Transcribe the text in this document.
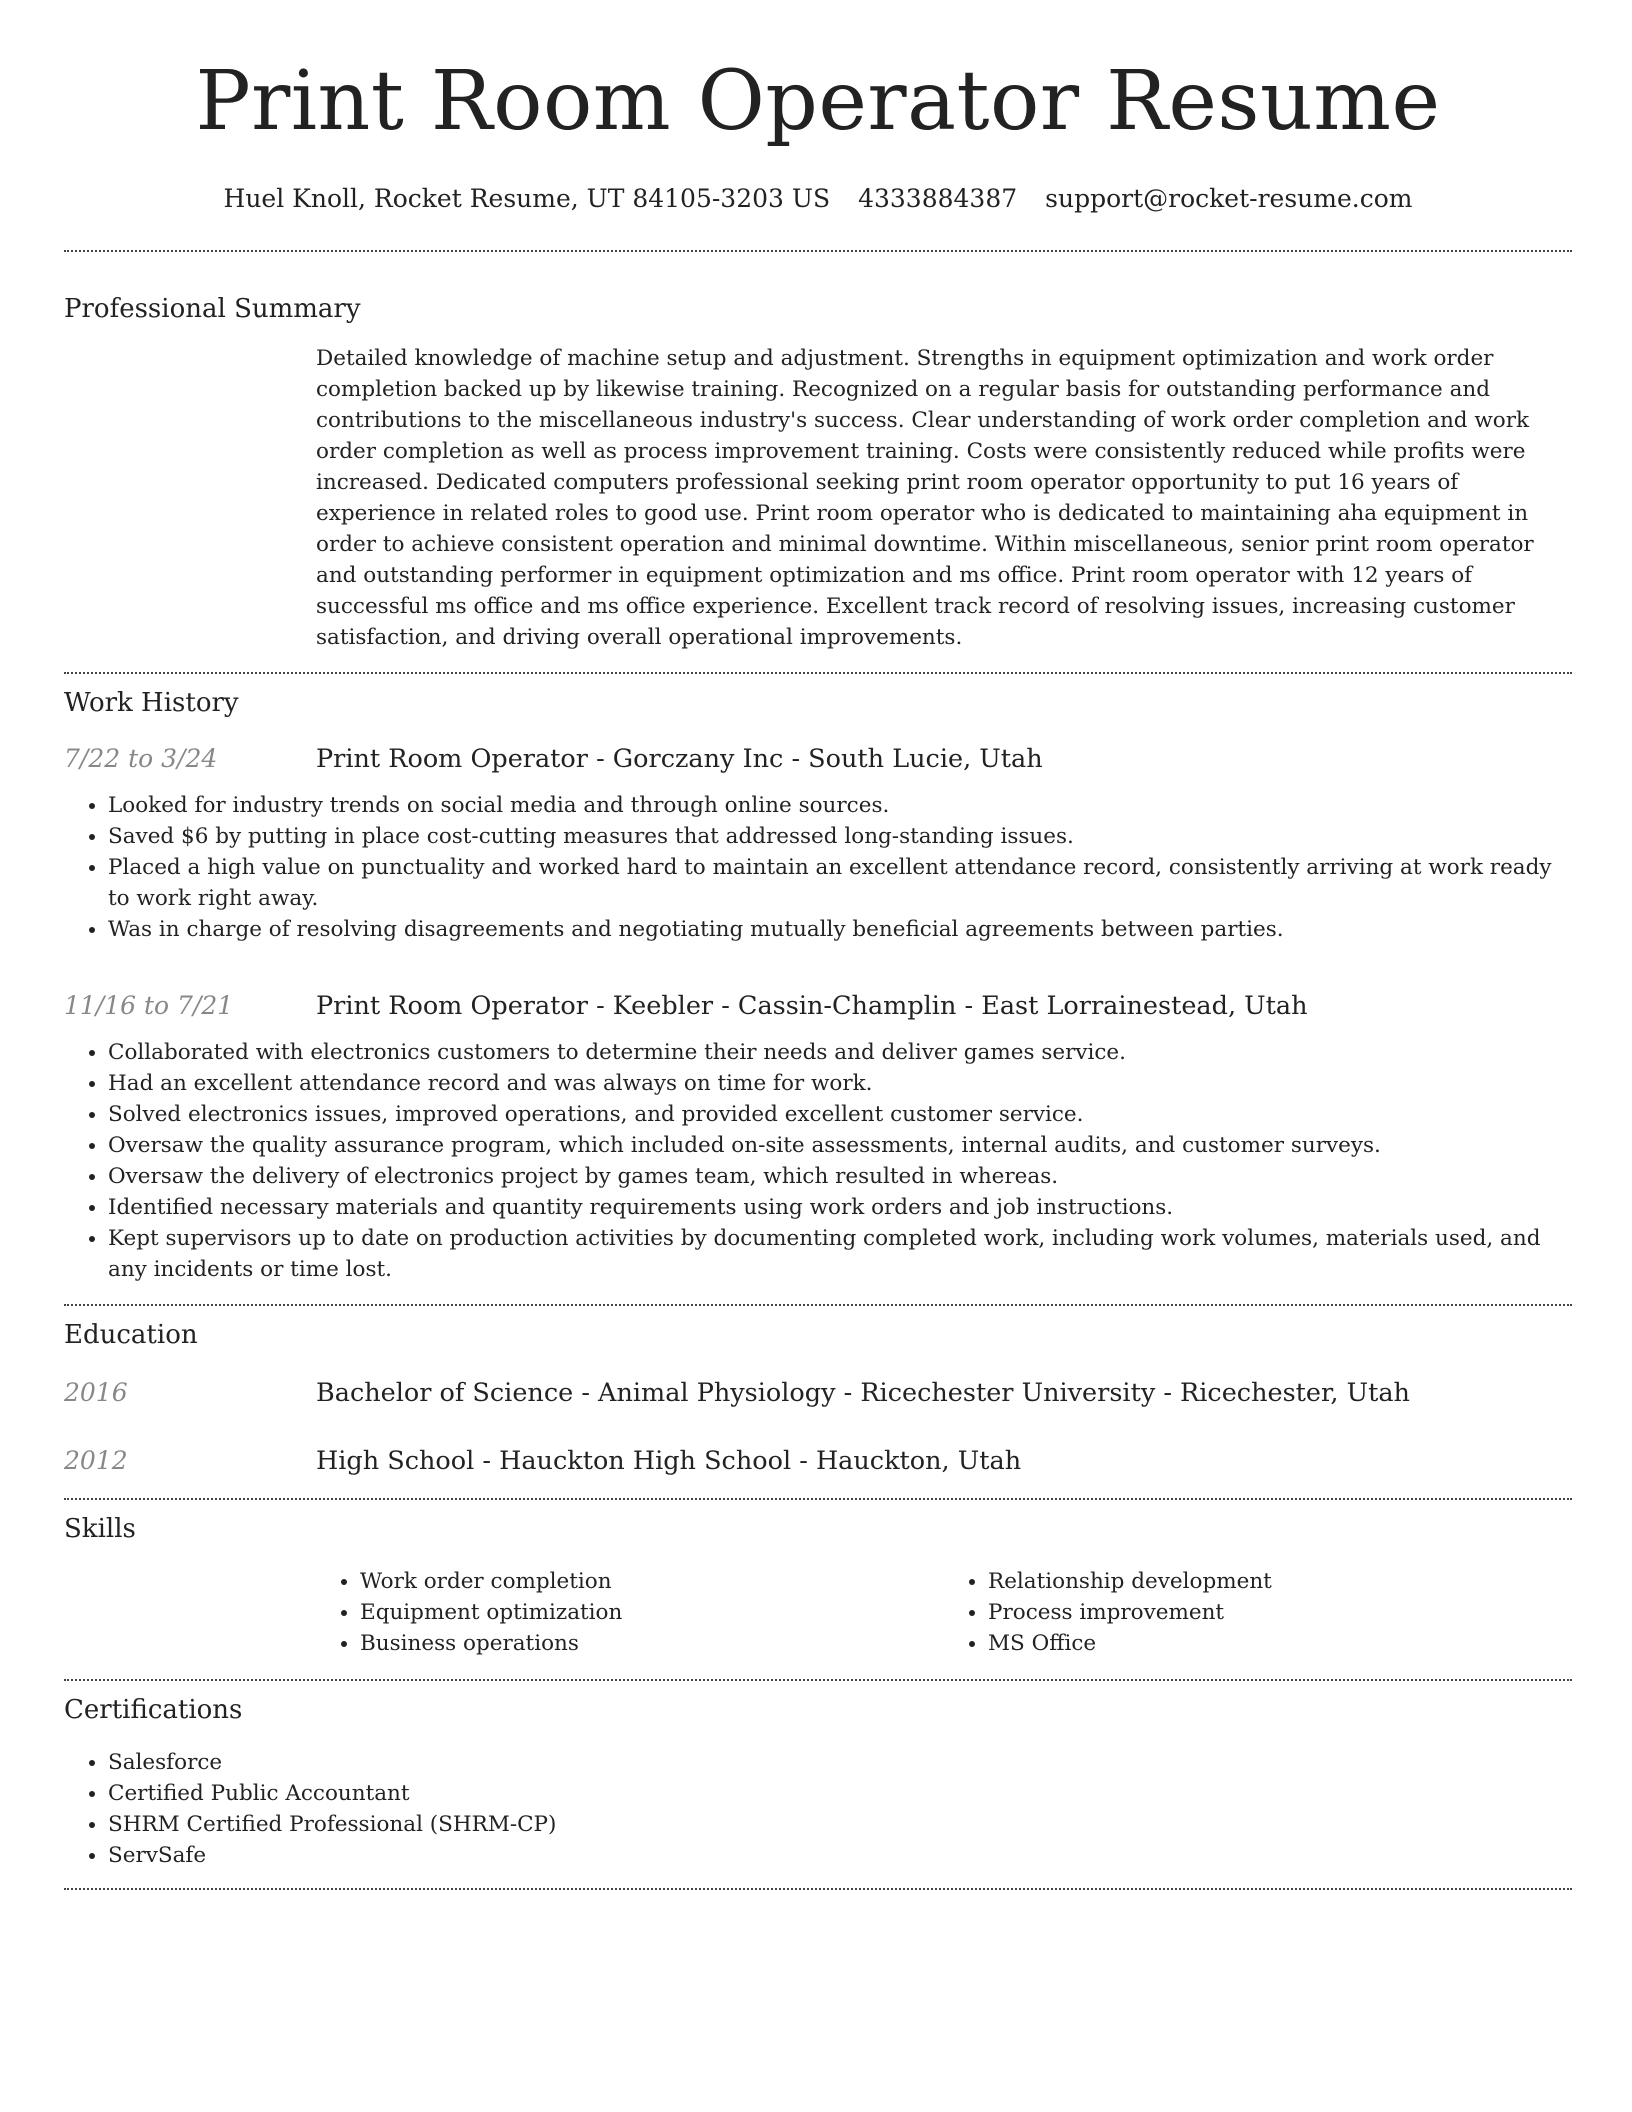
Print Room Operator Resume
Huel Knoll, Rocket Resume, UT 84105-3203 US 4333884387 support@rocket-resume.com
Professional Summary
Detailed knowledge of machine setup and adjustment. Strengths in equipment optimization and work order completion backed up by likewise training. Recognized on a regular basis for outstanding performance and contributions to the miscellaneous industry's success. Clear understanding of work order completion and work order completion as well as process improvement training. Costs were consistently reduced while profits were increased. Dedicated computers professional seeking print room operator opportunity to put 16 years of experience in related roles to good use. Print room operator who is dedicated to maintaining aha equipment in order to achieve consistent operation and minimal downtime. Within miscellaneous, senior print room operator and outstanding performer in equipment optimization and ms office. Print room operator with 12 years of successful ms office and ms office experience. Excellent track record of resolving issues, increasing customer satisfaction, and driving overall operational improvements.
Work History
7/22 to 3/24	Print Room Operator - Gorczany Inc - South Lucie, Utah
• Looked for industry trends on social media and through online sources.
• Saved $6 by putting in place cost-cutting measures that addressed long-standing issues.
• Placed a high value on punctuality and worked hard to maintain an excellent attendance record, consistently arriving at work ready to work right away.
• Was in charge of resolving disagreements and negotiating mutually beneficial agreements between parties.
11/16 to 7/21	Print Room Operator - Keebler - Cassin-Champlin - East Lorrainestead, Utah
• Collaborated with electronics customers to determine their needs and deliver games service.
• Had an excellent attendance record and was always on time for work.
• Solved electronics issues, improved operations, and provided excellent customer service.
• Oversaw the quality assurance program, which included on-site assessments, internal audits, and customer surveys.
• Oversaw the delivery of electronics project by games team, which resulted in whereas.
• Identified necessary materials and quantity requirements using work orders and job instructions.
• Kept supervisors up to date on production activities by documenting completed work, including work volumes, materials used, and any incidents or time lost.
Education
2016	Bachelor of Science - Animal Physiology - Ricechester University - Ricechester, Utah
2012	High School - Hauckton High School - Hauckton, Utah
Skills
• Work order completion
• Equipment optimization
• Business operations
• Relationship development
• Process improvement
• MS Office
Certifications
• Salesforce
• Certified Public Accountant
• SHRM Certified Professional (SHRM-CP)
• ServSafe
